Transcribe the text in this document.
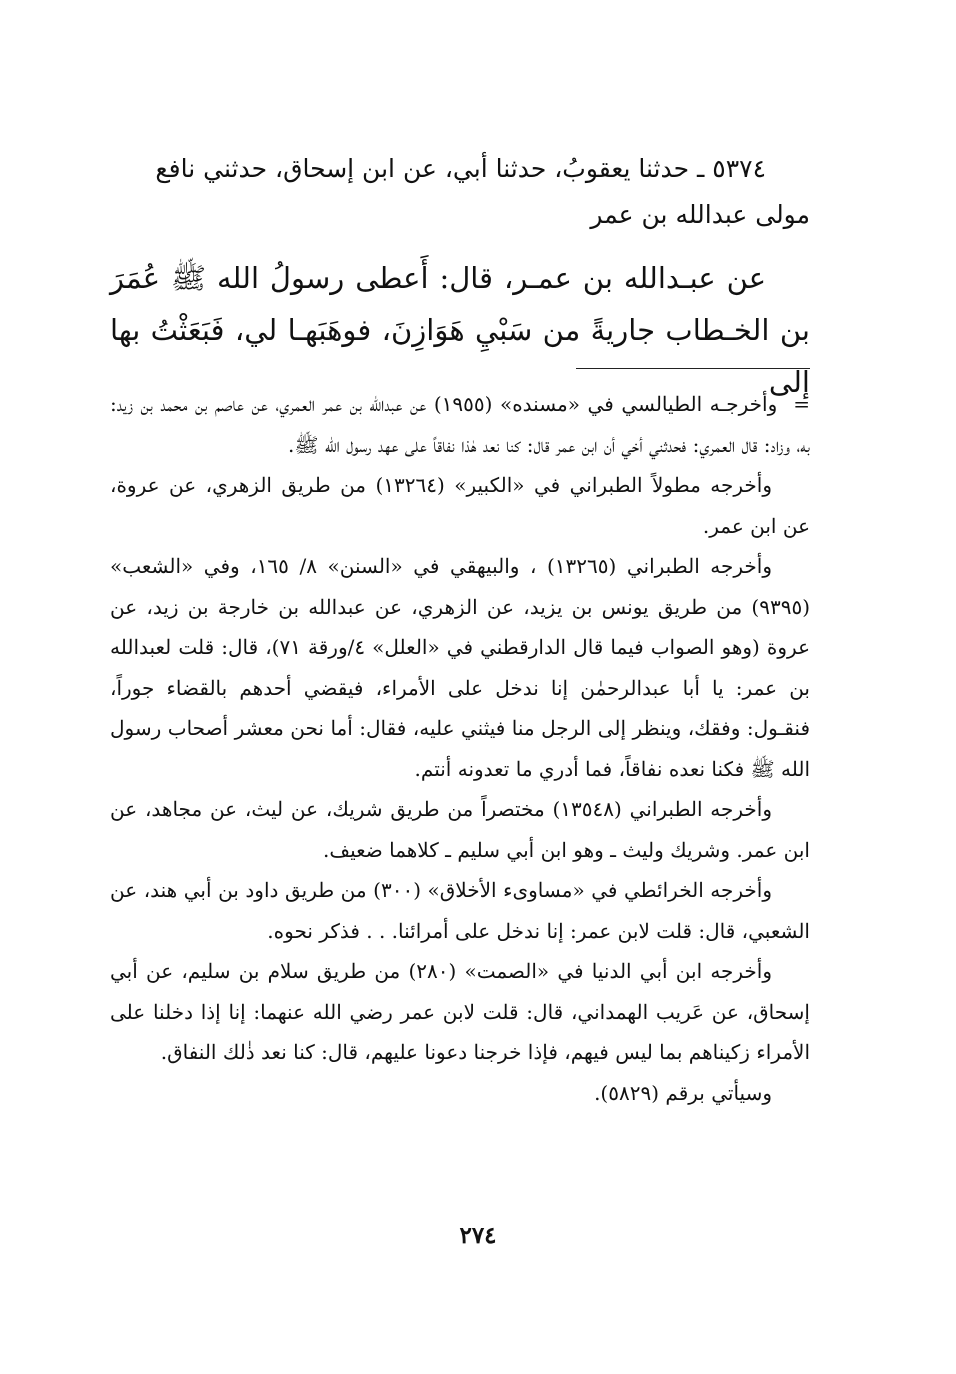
٥٣٧٤ ـ حدثنا يعقوبُ، حدثنا أبي، عن ابن إسحاق، حدثني نافع

مولى عبدالله بن عمر

عن عبـدالله بن عمـر، قال: أَعطى رسولُ الله ﷺ عُمَرَ بن الخـطاب جاريةً من سَبْيِ هَوَازِنَ، فوهَبَهـا لي، فَبَعَثْتُ بها إلى

=وأخرجـه الطيالسي في «مسنده» (١٩٥٥) عن عبدالله بن عمر العمري، عن عاصم بن محمد بن زيد: به، وزاد: قال العمري: فحدثني أخي أن ابن عمر قال: كنا نعد هٰذا نفاقاً على عهد رسول الله ﷺ.

وأخرجه مطولاً الطبراني في «الكبير» (١٣٢٦٤) من طريق الزهري، عن عروة، عن ابن عمر.

وأخرجه الطبراني (١٣٢٦٥) ، والبيهقي في «السنن» ٨/ ١٦٥، وفي «الشعب» (٩٣٩٥) من طريق يونس بن يزيد، عن الزهري، عن عبدالله بن خارجة بن زيد، عن عروة (وهو الصواب فيما قال الدارقطني في «العلل» ٤/ورقة ٧١)، قال: قلت لعبدالله بن عمر: يا أبا عبدالرحمٰن إنا ندخل على الأمراء، فيقضي أحدهم بالقضاء جوراً، فنقـول: وفقك، وينظر إلى الرجل منا فيثني عليه، فقال: أما نحن معشر أصحاب رسول الله ﷺ فكنا نعده نفاقاً، فما أدري ما تعدونه أنتم.

وأخرجه الطبراني (١٣٥٤٨) مختصراً من طريق شريك، عن ليث، عن مجاهد، عن ابن عمر. وشريك وليث ـ وهو ابن أبي سليم ـ كلاهما ضعيف.

وأخرجه الخرائطي في «مساوىء الأخلاق» (٣٠٠) من طريق داود بن أبي هند، عن الشعبي، قال: قلت لابن عمر: إنا ندخل على أمرائنا. . . فذكر نحوه.

وأخرجه ابن أبي الدنيا في «الصمت» (٢٨٠) من طريق سلام بن سليم، عن أبي إسحاق، عن عَريب الهمداني، قال: قلت لابن عمر رضي الله عنهما: إنا إذا دخلنا على الأمراء زكيناهم بما ليس فيهم، فإذا خرجنا دعونا عليهم، قال: كنا نعد ذٰلك النفاق.

وسيأتي برقم (٥٨٢٩).

٢٧٤
